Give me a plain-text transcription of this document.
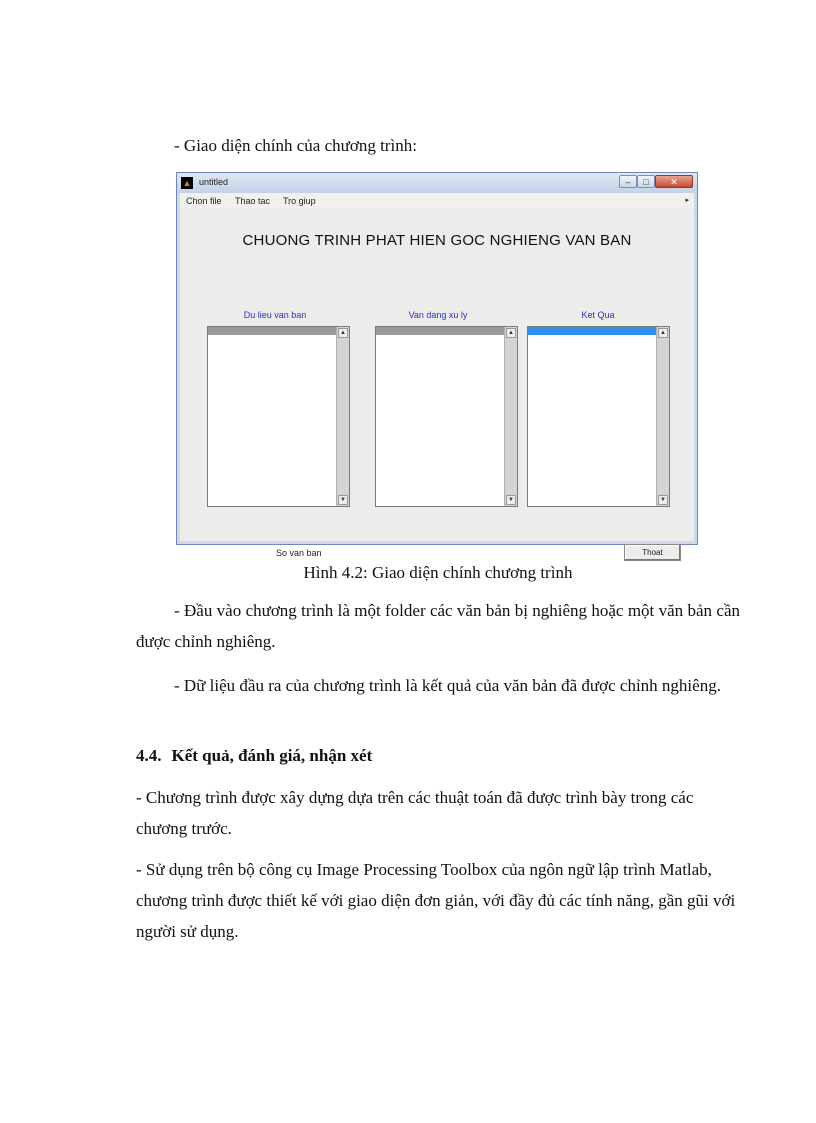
- Giao diện chính của chương trình:

▲ untitled	–	□	✕
Chon file Thao tac Tro giup	▸
CHUONG TRINH PHAT HIEN GOC NGHIENG VAN BAN
Du lieu van ban	Van dang xu ly	Ket Qua
▲
▼
▲
▼
▲
▼
So van ban	Thoat
Hình 4.2: Giao diện chính chương trình

- Đầu vào chương trình là một folder các văn bản bị nghiêng hoặc một văn bản cần được chỉnh nghiêng.

- Dữ liệu đầu ra của chương trình là kết quả của văn bản đã được chỉnh nghiêng.

4.4. Kết quả, đánh giá, nhận xét

- Chương trình được xây dựng dựa trên các thuật toán đã được trình bày trong các chương trước.

- Sử dụng trên bộ công cụ Image Processing Toolbox của ngôn ngữ lập trình Matlab, chương trình được thiết kế với giao diện đơn giản, với đầy đủ các tính năng, gần gũi với người sử dụng.
